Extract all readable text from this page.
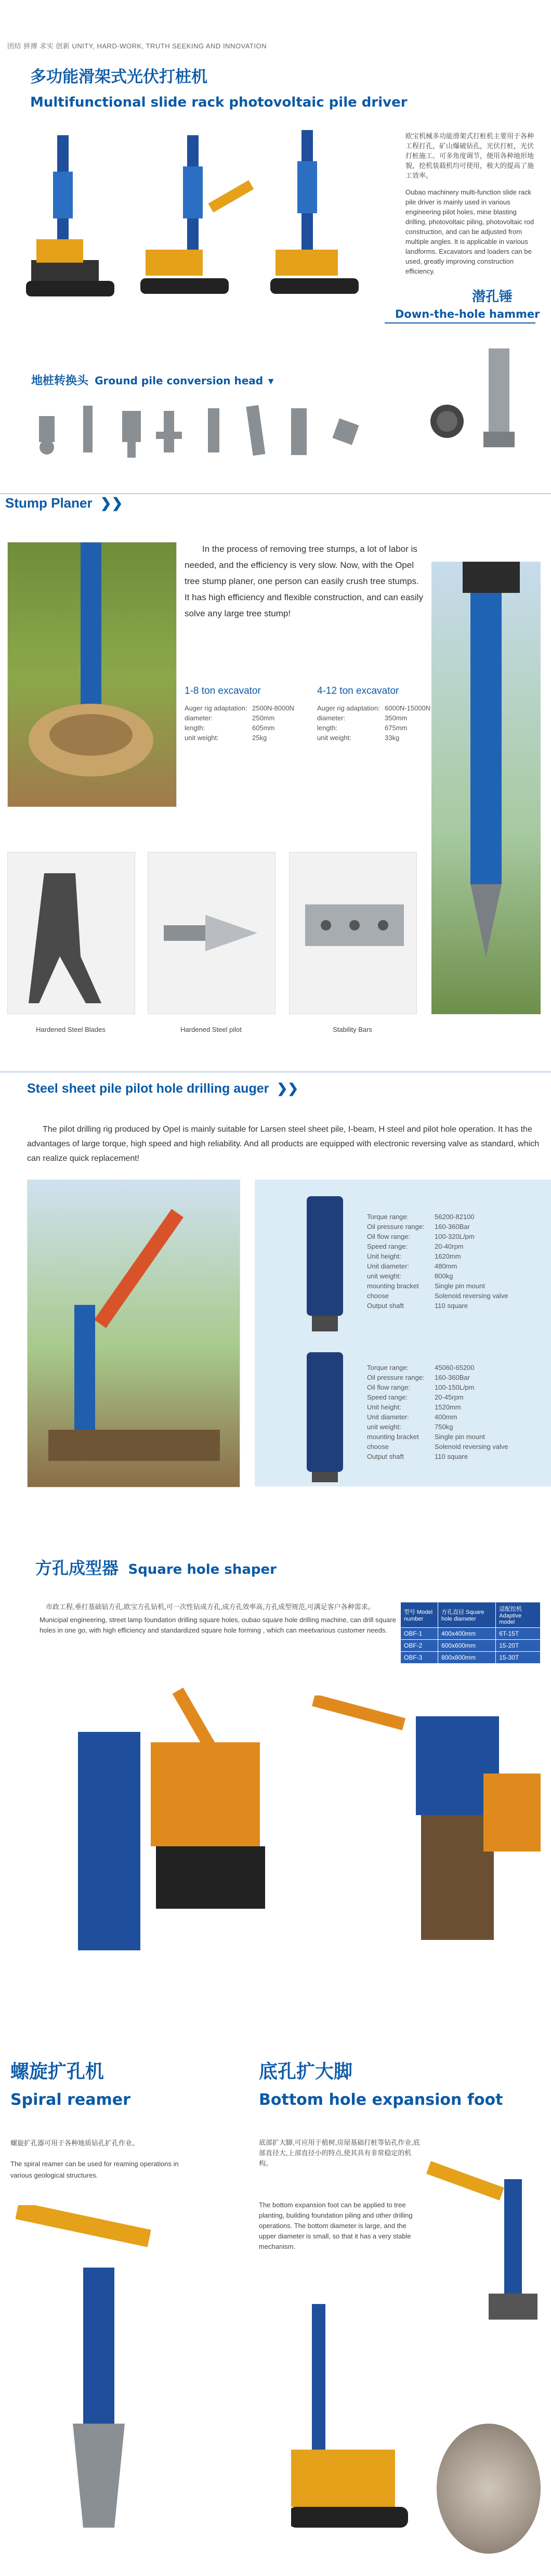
团结 拼搏 求实 创新 UNITY, HARD-WORK, TRUTH SEEKING AND INNOVATION
多功能滑架式光伏打桩机
Multifunctional slide rack photovoltaic pile driver
欧宝机械多功能滑架式打桩机主要用于各种工程打孔，矿山爆破钻孔，光伏打桩，光伏打桩施工。可多角度调节，便用各种地形地貌，挖机装载机均可使用，极大的提高了施工效率。
Oubao machinery multi-function slide rack pile driver is mainly used in various engineering pilot holes, mine blasting drilling, photovoltaic piling, photovoltaic rod construction, and can be adjusted from multiple angles. It is applicable in various landforms. Excavators and loaders can be used, greatly improving construction efficiency.
潜孔锤
Down-the-hole hammer
地桩转换头 Ground pile conversion head ▼
Stump Planer ❯❯
In the process of removing tree stumps, a lot of labor is needed, and the efficiency is very slow. Now, with the Opel tree stump planer, one person can easily crush tree stumps. It has high efficiency and flexible construction, and can easily solve any large tree stump!
1-8 ton excavator
Auger rig adaptation: 2500N-8000N
diameter:	250mm
length:	605mm
unit weight:	25kg
4-12 ton excavator
Auger rig adaptation: 6000N-15000N
diameter:	350mm
length:	675mm
unit weight:	33kg
Hardened Steel Blades	Hardened Steel pilot	Stability Bars
Steel sheet pile pilot hole drilling auger ❯❯
The pilot drilling rig produced by Opel is mainly suitable for Larsen steel sheet pile, I-beam, H steel and pilot hole operation. It has the advantages of large torque, high speed and high reliability. And all products are equipped with electronic reversing valve as standard, which can realize quick replacement!
Torque range:	56200-82100
Oil pressure range:	160-360Bar
Oil flow range:	100-320L/pm
Speed range:	20-40rpm
Unit height:	1620mm
Unit diameter:	480mm
unit weight:	800kg
mounting bracket	Single pin mount
choose	Solenoid reversing valve
Output shaft	110 square
Torque range:	45060-65200
Oil pressure range:	160-360Bar
Oil flow range:	100-150L/pm
Speed range:	20-45rpm
Unit height:	1520mm
Unit diameter:	400mm
unit weight:	750kg
mounting bracket	Single pin mount
choose	Solenoid reversing valve
Output shaft	110 square
方孔成型器 Square hole shaper
市政工程,垂打基础钻方孔,欧宝方孔钻机,可一次性钻成方孔,成方孔效率高,方孔成型规范,可满足客户各种需求。
Municipal engineering, street lamp foundation drilling square holes, oubao square hole drilling machine, can drill square holes in one go, with high efficiency and standardized square hole forming , which can meetvarious customer needs.
型号 Model number	方孔直径 Square hole diameter	适配挖机 Adaptive model
OBF-1	400x400mm	6T-15T
OBF-2	600x600mm	15-20T
OBF-3	800x800mm	15-30T
螺旋扩孔机
Spiral reamer
螺旋扩孔器可用于各种地质钻孔扩孔作业。
The spiral reamer can be used for reaming operations in various geological structures.
底孔扩大脚
Bottom hole expansion foot
底部扩大脚,可应用于植树,房屋基础打桩等钻孔作业,底部直径大,上部直径小的特点,使其具有非常稳定的机构。
The bottom expansion foot can be applied to tree planting, building foundation piling and other drilling operations. The bottom diameter is large, and the upper diameter is small, so that it has a very stable mechanism.
